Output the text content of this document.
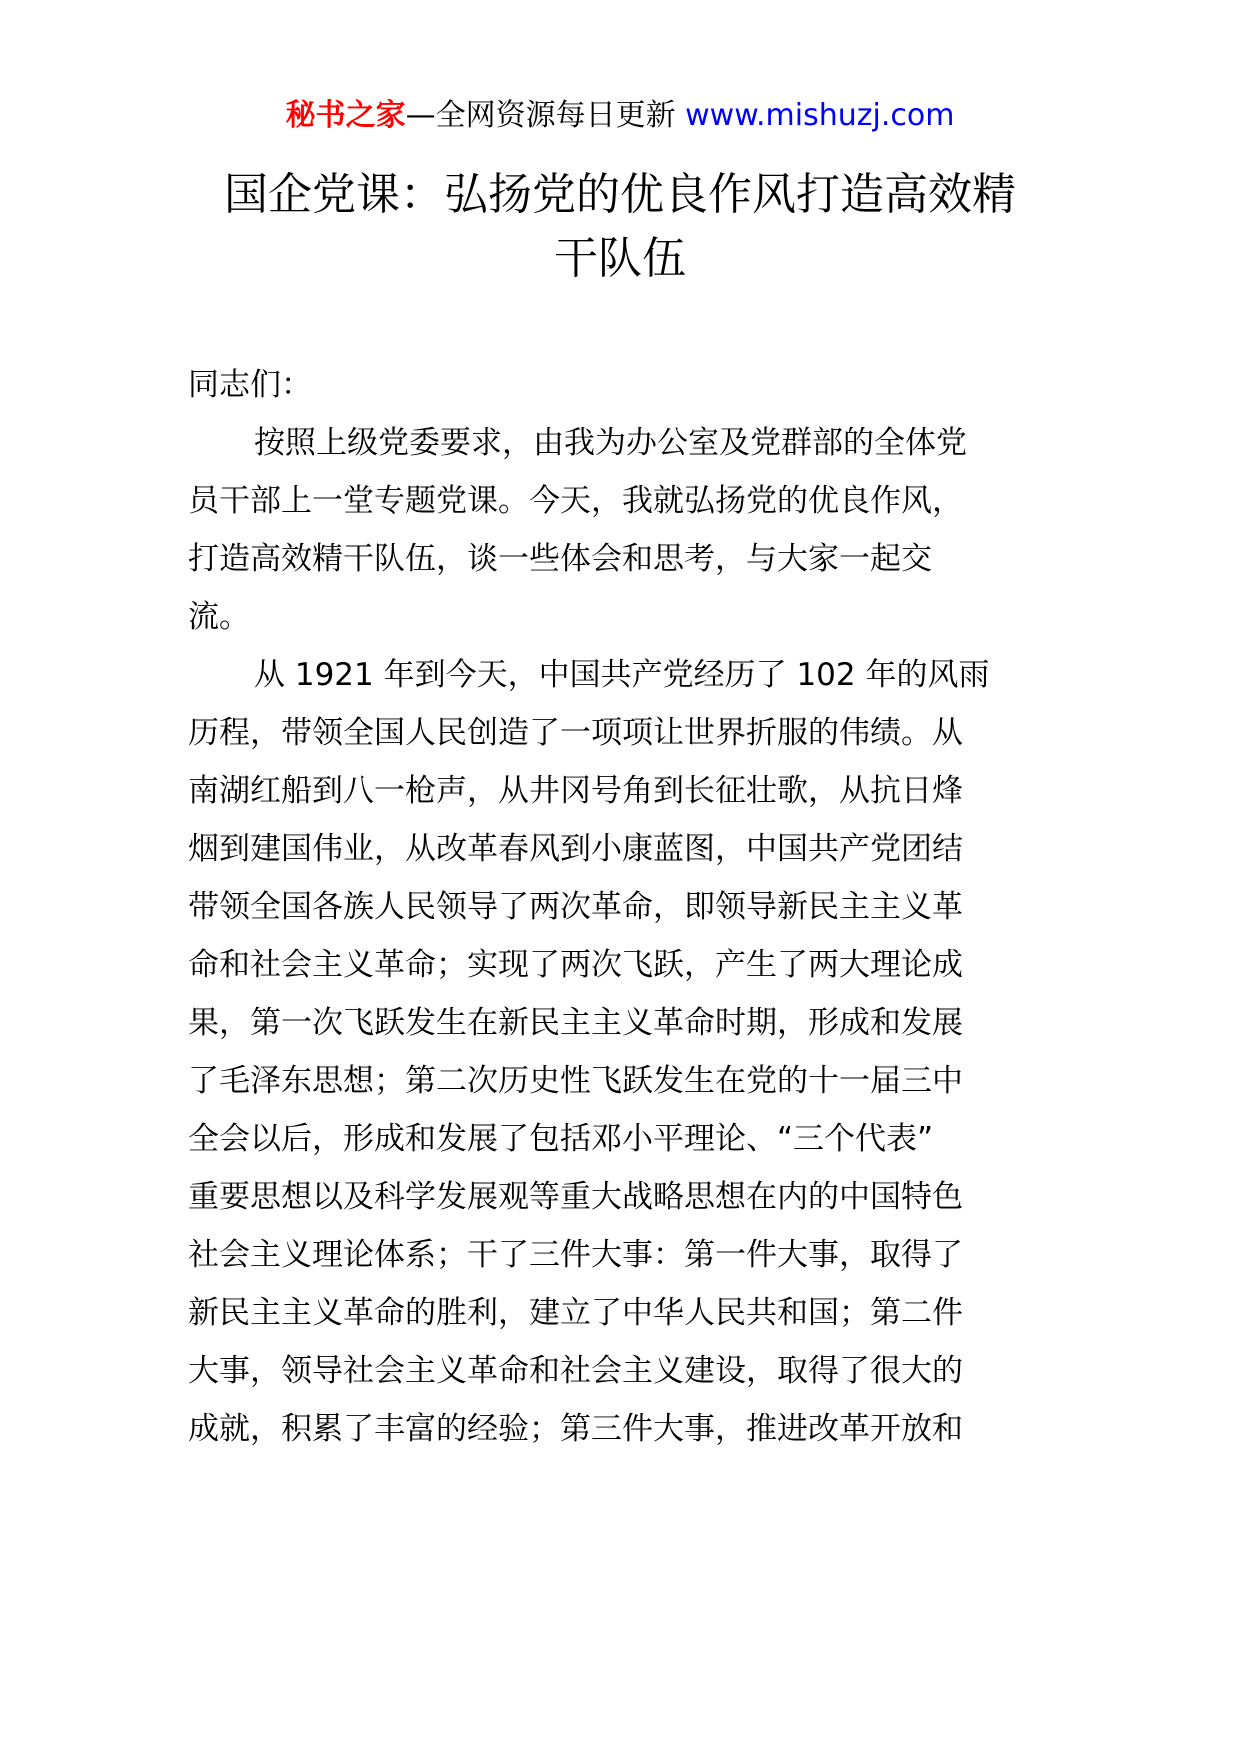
秘书之家—全网资源每日更新 www.mishuzj.com
国企党课：弘扬党的优良作风打造高效精
干队伍
同志们：
按照上级党委要求，由我为办公室及党群部的全体党
员干部上一堂专题党课。今天，我就弘扬党的优良作风，
打造高效精干队伍，谈一些体会和思考，与大家一起交
流。
从 1921 年到今天，中国共产党经历了 102 年的风雨
历程，带领全国人民创造了一项项让世界折服的伟绩。从
南湖红船到八一枪声，从井冈号角到长征壮歌，从抗日烽
烟到建国伟业，从改革春风到小康蓝图，中国共产党团结
带领全国各族人民领导了两次革命，即领导新民主主义革
命和社会主义革命；实现了两次飞跃，产生了两大理论成
果，第一次飞跃发生在新民主主义革命时期，形成和发展
了毛泽东思想；第二次历史性飞跃发生在党的十一届三中
全会以后，形成和发展了包括邓小平理论、“三个代表”
重要思想以及科学发展观等重大战略思想在内的中国特色
社会主义理论体系；干了三件大事：第一件大事，取得了
新民主主义革命的胜利，建立了中华人民共和国；第二件
大事，领导社会主义革命和社会主义建设，取得了很大的
成就，积累了丰富的经验；第三件大事，推进改革开放和
